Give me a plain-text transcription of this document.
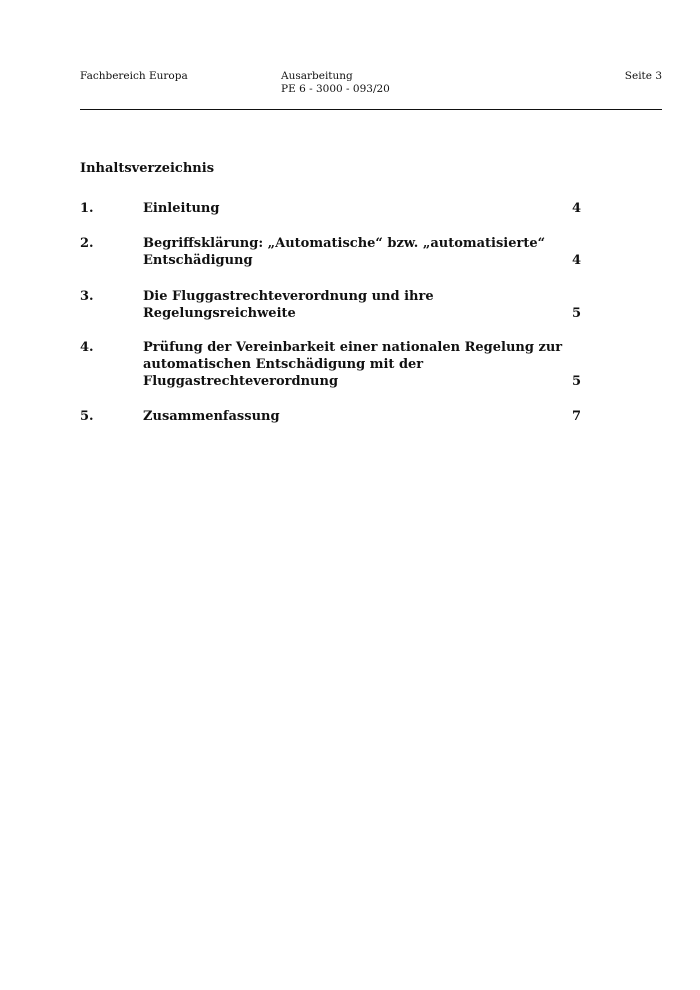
Fachbereich Europa	Ausarbeitung
PE 6 - 3000 - 093/20
Seite 3
Inhaltsverzeichnis
1.	Einleitung	4
2.	Begriffsklärung: „Automatische“ bzw. „automatisierte“
Entschädigung	4
3.	Die Fluggastrechteverordnung und ihre
Regelungsreichweite	5
4.	Prüfung der Vereinbarkeit einer nationalen Regelung zur
automatischen Entschädigung mit der
Fluggastrechteverordnung	5
5.	Zusammenfassung	7
